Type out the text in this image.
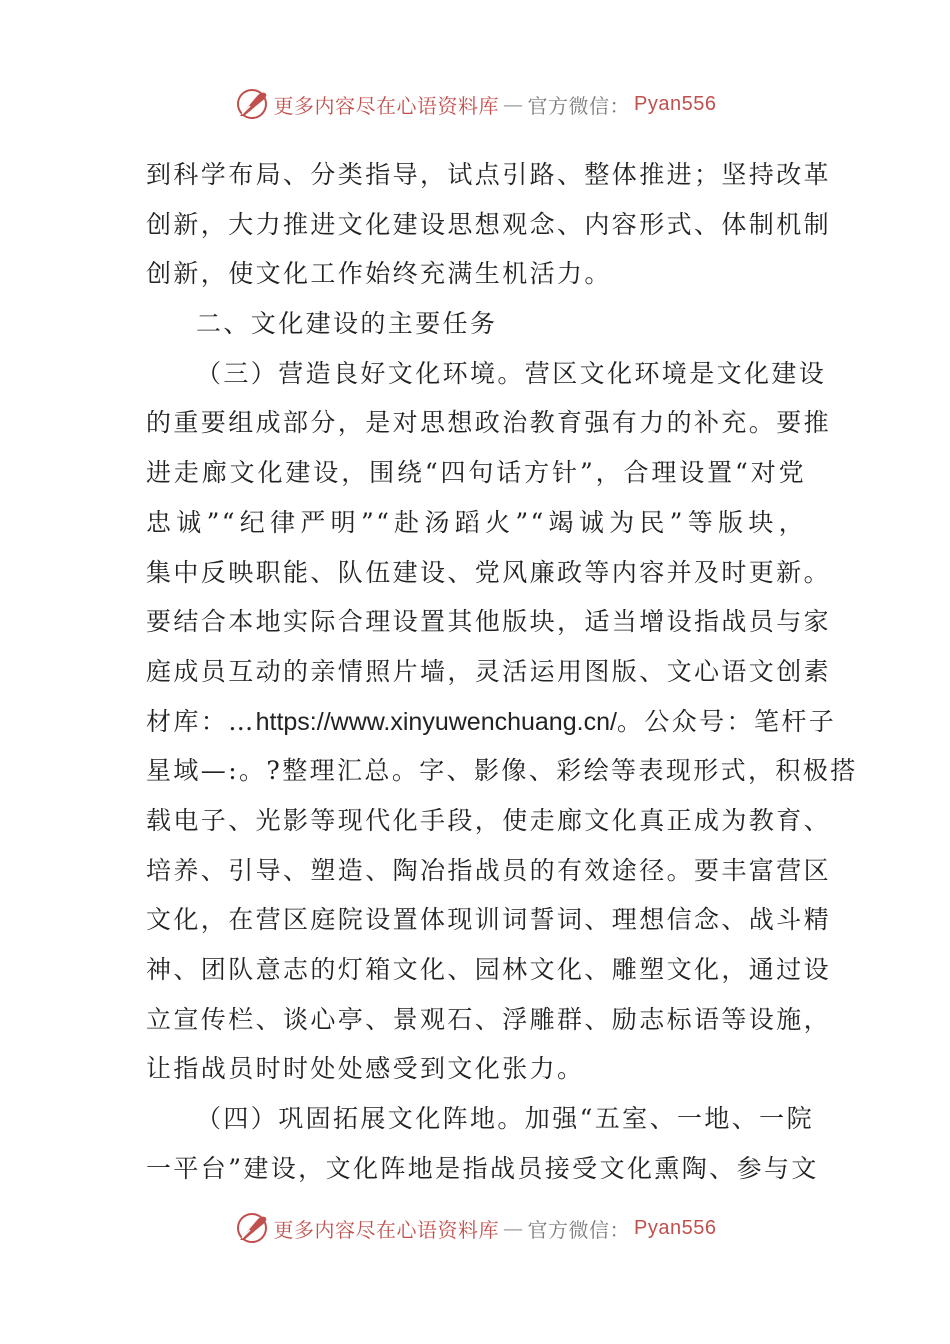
更多内容尽在心语资料库 — 官方微信： Pyan556
到科学布局、分类指导，试点引路、整体推进；坚持改革
创新，大力推进文化建设思想观念、内容形式、体制机制
创新，使文化工作始终充满生机活力。
二、文化建设的主要任务
（三）营造良好文化环境。营区文化环境是文化建设
的重要组成部分，是对思想政治教育强有力的补充。要推
进走廊文化建设，围绕“四句话方针”，合理设置“对党
忠诚”“纪律严明”“赴汤蹈火”“竭诚为民”等版块，
集中反映职能、队伍建设、党风廉政等内容并及时更新。
要结合本地实际合理设置其他版块，适当增设指战员与家
庭成员互动的亲情照片墙，灵活运用图版、文心语文创素
材库：…https://www.xinyuwenchuang.cn/。公众号：笔杆子
星域—:。?整理汇总。字、影像、彩绘等表现形式，积极搭
载电子、光影等现代化手段，使走廊文化真正成为教育、
培养、引导、塑造、陶冶指战员的有效途径。要丰富营区
文化，在营区庭院设置体现训词誓词、理想信念、战斗精
神、团队意志的灯箱文化、园林文化、雕塑文化，通过设
立宣传栏、谈心亭、景观石、浮雕群、励志标语等设施，
让指战员时时处处感受到文化张力。
（四）巩固拓展文化阵地。加强“五室、一地、一院
一平台”建设，文化阵地是指战员接受文化熏陶、参与文
更多内容尽在心语资料库 — 官方微信： Pyan556
